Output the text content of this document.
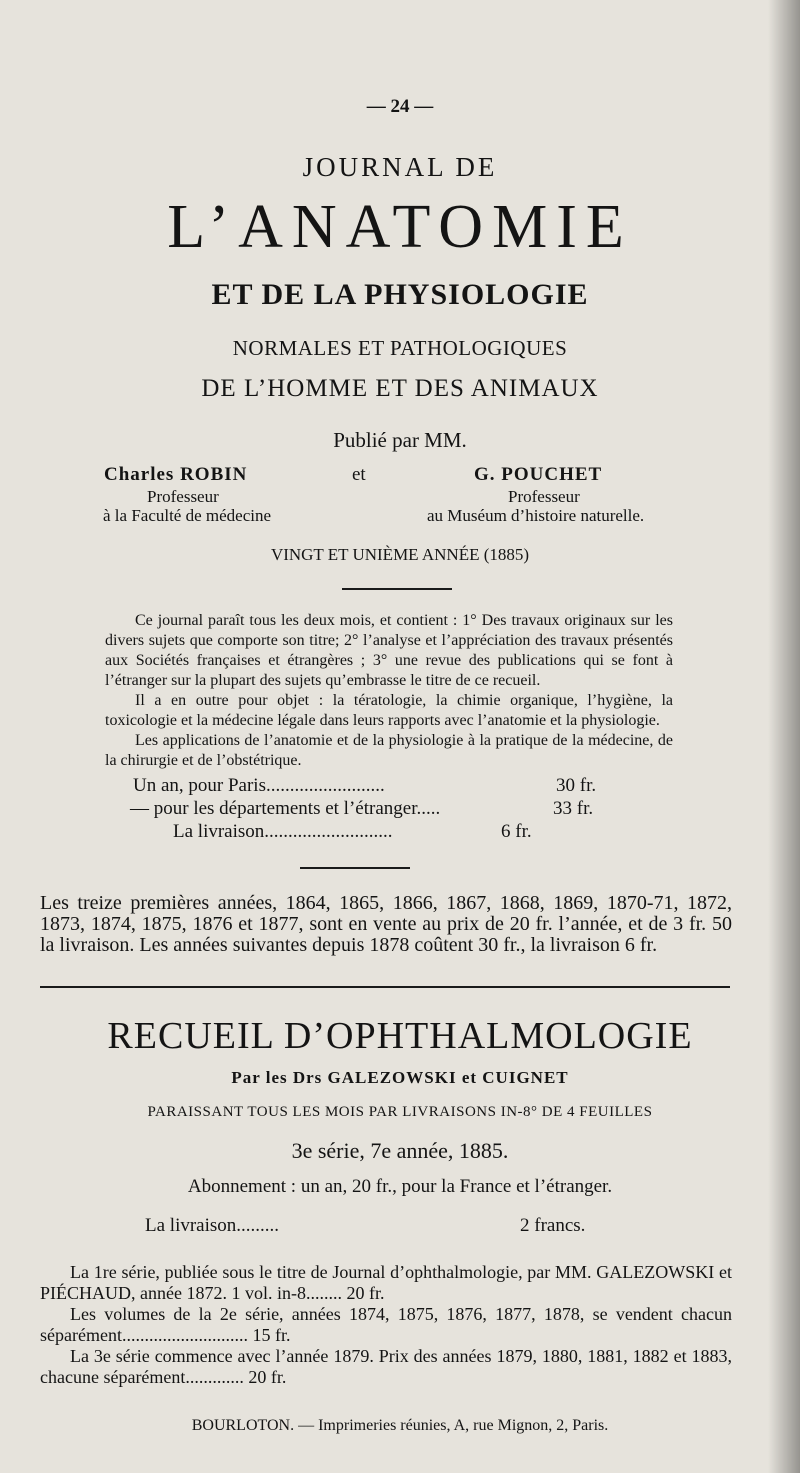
— 24 —
JOURNAL DE
L’ANATOMIE
ET DE LA PHYSIOLOGIE
NORMALES ET PATHOLOGIQUES
DE L’HOMME ET DES ANIMAUX
Publié par MM.
Charles ROBIN	et	G. POUCHET
Professeur
à la Faculté de médecine
Professeur
au Muséum d’histoire naturelle.
VINGT ET UNIÈME ANNÉE (1885)

Ce journal paraît tous les deux mois, et contient : 1° Des travaux originaux sur les divers sujets que comporte son titre; 2° l’analyse et l’appréciation des travaux présentés aux Sociétés françaises et étrangères ; 3° une revue des publications qui se font à l’étranger sur la plupart des sujets qu’embrasse le titre de ce recueil.

Il a en outre pour objet : la tératologie, la chimie organique, l’hygiène, la toxicologie et la médecine légale dans leurs rapports avec l’anatomie et la physiologie.

Les applications de l’anatomie et de la physiologie à la pratique de la médecine, de la chirurgie et de l’obstétrique.

Un an, pour Paris.........................	30 fr.
— pour les départements et l’étranger.....	33 fr.
La livraison...........................	6 fr.
Les treize premières années, 1864, 1865, 1866, 1867, 1868, 1869, 1870-71, 1872, 1873, 1874, 1875, 1876 et 1877, sont en vente au prix de 20 fr. l’année, et de 3 fr. 50 la livraison. Les années suivantes depuis 1878 coûtent 30 fr., la livraison 6 fr.
RECUEIL D’OPHTHALMOLOGIE
Par les Drs GALEZOWSKI et CUIGNET
PARAISSANT TOUS LES MOIS PAR LIVRAISONS IN-8° DE 4 FEUILLES
3e série, 7e année, 1885.
Abonnement : un an, 20 fr., pour la France et l’étranger.
La livraison.........	2 francs.
La 1re série, publiée sous le titre de Journal d’ophthalmologie, par MM. GALEZOWSKI et PIÉCHAUD, année 1872. 1 vol. in-8........ 20 fr.
Les volumes de la 2e série, années 1874, 1875, 1876, 1877, 1878, se vendent chacun séparément............................ 15 fr.
La 3e série commence avec l’année 1879. Prix des années 1879, 1880, 1881, 1882 et 1883, chacune séparément............. 20 fr.
BOURLOTON. — Imprimeries réunies, A, rue Mignon, 2, Paris.
